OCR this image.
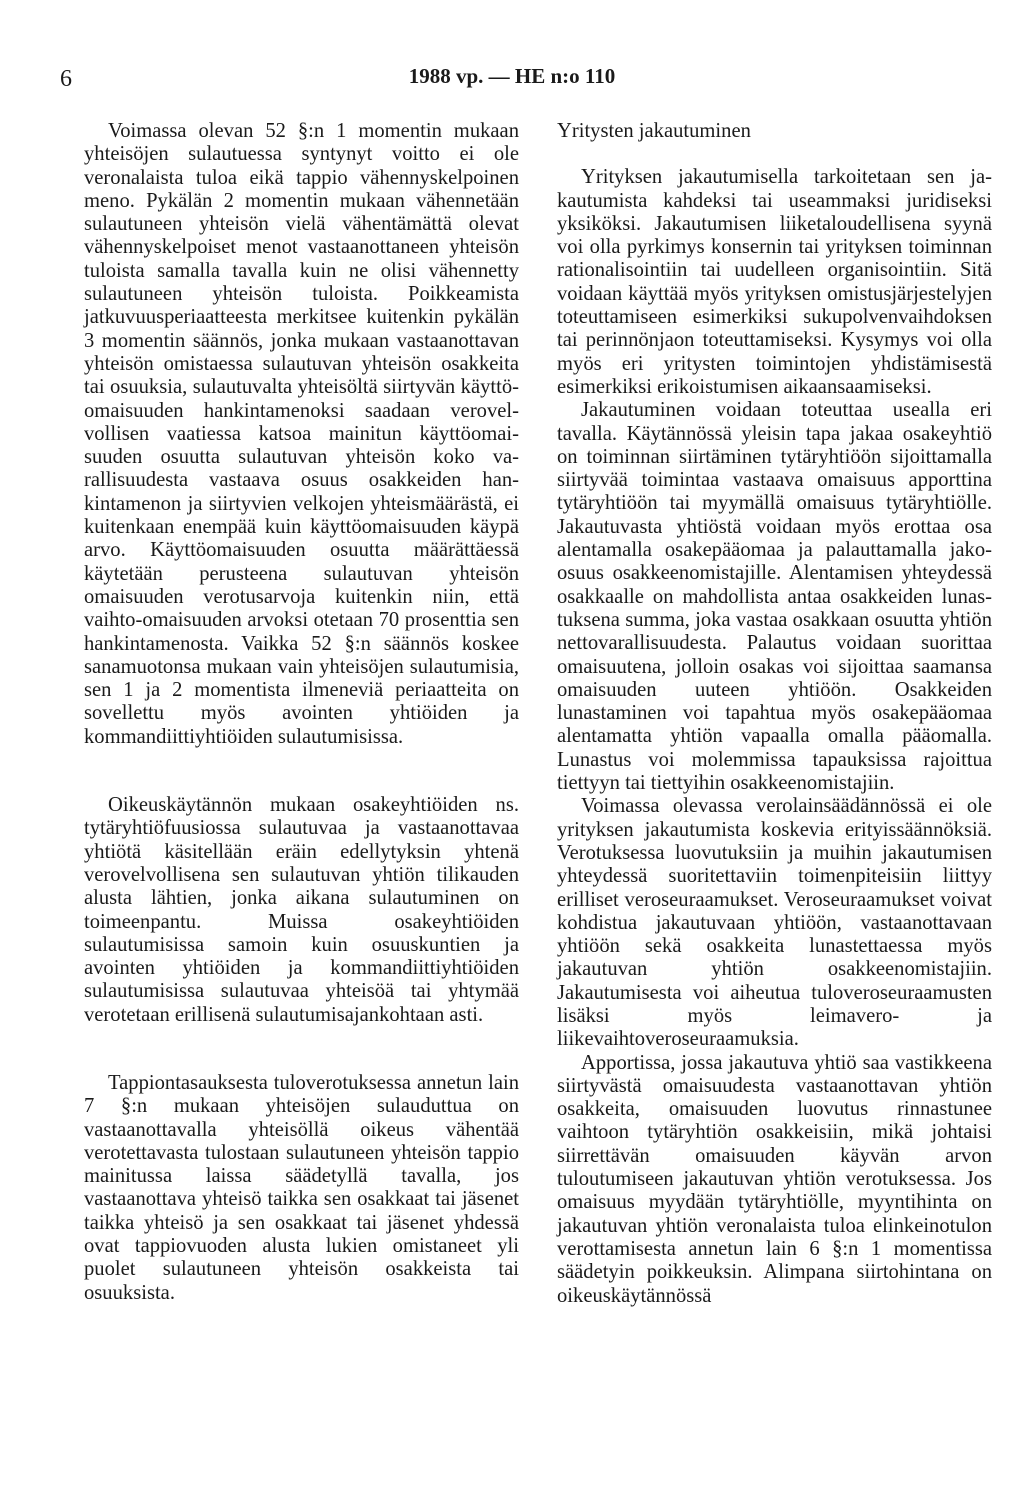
6	1988 vp. — HE n:o 110

Voimassa olevan 52 §:n 1 momentin mukaan yhteisöjen sulautuessa syntynyt voitto ei ole veronalaista tuloa eikä tappio vähennyskelpoinen meno. Pykälän 2 momentin mukaan vähennetään sulautuneen yhteisön vielä vähentämättä olevat vähennyskelpoiset menot vastaanottaneen yhteisön tuloista samalla tavalla kuin ne olisi vähennetty sulautuneen yhteisön tuloista. Poikkeamista jatkuvuusperiaatteesta merkitsee kuitenkin pykälän 3 momentin säännös, jonka mukaan vastaanottavan yhteisön omistaessa sulautuvan yhteisön osakkeita tai osuuksia, sulautuvalta yhteisöltä siirtyvän käyttöomaisuuden hankintamenoksi saadaan verovelvollisen vaatiessa katsoa mainitun käyttöomaisuuden osuutta sulautuvan yhteisön koko varallisuudesta vastaava osuus osakkeiden hankintamenon ja siirtyvien velkojen yhteismäärästä, ei kuitenkaan enempää kuin käyttöomaisuuden käypä arvo. Käyttöomaisuuden osuutta määrättäessä käytetään perusteena sulautuvan yhteisön omaisuuden verotusarvoja kuitenkin niin, että vaihto-omaisuuden arvoksi otetaan 70 prosenttia sen hankintamenosta. Vaikka 52 §:n säännös koskee sanamuotonsa mukaan vain yhteisöjen sulautumisia, sen 1 ja 2 momentista ilmeneviä periaatteita on sovellettu myös avointen yhtiöiden ja kommandiittiyhtiöiden sulautumisissa.

Oikeuskäytännön mukaan osakeyhtiöiden ns. tytäryhtiöfuusiossa sulautuvaa ja vastaanottavaa yhtiötä käsitellään eräin edellytyksin yhtenä verovelvollisena sen sulautuvan yhtiön tilikauden alusta lähtien, jonka aikana sulautuminen on toimeenpantu. Muissa osakeyhtiöiden sulautumisissa samoin kuin osuuskuntien ja avointen yhtiöiden ja kommandiittiyhtiöiden sulautumisissa sulautuvaa yhteisöä tai yhtymää verotetaan erillisenä sulautumisajankohtaan asti.

Tappiontasauksesta tuloverotuksessa annetun lain 7 §:n mukaan yhteisöjen sulauduttua on vastaanottavalla yhteisöllä oikeus vähentää verotettavasta tulostaan sulautuneen yhteisön tappio mainitussa laissa säädetyllä tavalla, jos vastaanottava yhteisö taikka sen osakkaat tai jäsenet taikka yhteisö ja sen osakkaat tai jäsenet yhdessä ovat tappiovuoden alusta lukien omistaneet yli puolet sulautuneen yhteisön osakkeista tai osuuksista.

Yritysten jakautuminen

Yrityksen jakautumisella tarkoitetaan sen jakautumista kahdeksi tai useammaksi juridiseksi yksiköksi. Jakautumisen liiketaloudellisena syynä voi olla pyrkimys konsernin tai yrityksen toiminnan rationalisointiin tai uudelleen organisointiin. Sitä voidaan käyttää myös yrityksen omistusjärjestelyjen toteuttamiseen esimerkiksi sukupolvenvaihdoksen tai perinnönjaon toteuttamiseksi. Kysymys voi olla myös eri yritysten toimintojen yhdistämisestä esimerkiksi erikoistumisen aikaansaamiseksi.

Jakautuminen voidaan toteuttaa usealla eri tavalla. Käytännössä yleisin tapa jakaa osakeyhtiö on toiminnan siirtäminen tytäryhtiöön sijoittamalla siirtyvää toimintaa vastaava omaisuus apporttina tytäryhtiöön tai myymällä omaisuus tytäryhtiölle. Jakautuvasta yhtiöstä voidaan myös erottaa osa alentamalla osakepääomaa ja palauttamalla jako-osuus osakkeenomistajille. Alentamisen yhteydessä osakkaalle on mahdollista antaa osakkeiden lunastuksena summa, joka vastaa osakkaan osuutta yhtiön nettovarallisuudesta. Palautus voidaan suorittaa omaisuutena, jolloin osakas voi sijoittaa saamansa omaisuuden uuteen yhtiöön. Osakkeiden lunastaminen voi tapahtua myös osakepääomaa alentamatta yhtiön vapaalla omalla pääomalla. Lunastus voi molemmissa tapauksissa rajoittua tiettyyn tai tiettyihin osakkeenomistajiin.

Voimassa olevassa verolainsäädännössä ei ole yrityksen jakautumista koskevia erityissäännöksiä. Verotuksessa luovutuksiin ja muihin jakautumisen yhteydessä suoritettaviin toimenpiteisiin liittyy erilliset veroseuraamukset. Veroseuraamukset voivat kohdistua jakautuvaan yhtiöön, vastaanottavaan yhtiöön sekä osakkeita lunastettaessa myös jakautuvan yhtiön osakkeenomistajiin. Jakautumisesta voi aiheutua tuloveroseuraamusten lisäksi myös leimavero- ja liikevaihtoveroseuraamuksia.

Apportissa, jossa jakautuva yhtiö saa vastikkeena siirtyvästä omaisuudesta vastaanottavan yhtiön osakkeita, omaisuuden luovutus rinnastunee vaihtoon tytäryhtiön osakkeisiin, mikä johtaisi siirrettävän omaisuuden käyvän arvon tuloutumiseen jakautuvan yhtiön verotuksessa. Jos omaisuus myydään tytäryhtiölle, myyntihinta on jakautuvan yhtiön veronalaista tuloa elinkeinotulon verottamisesta annetun lain 6 §:n 1 momentissa säädetyin poikkeuksin. Alimpana siirtohintana on oikeuskäytännössä
